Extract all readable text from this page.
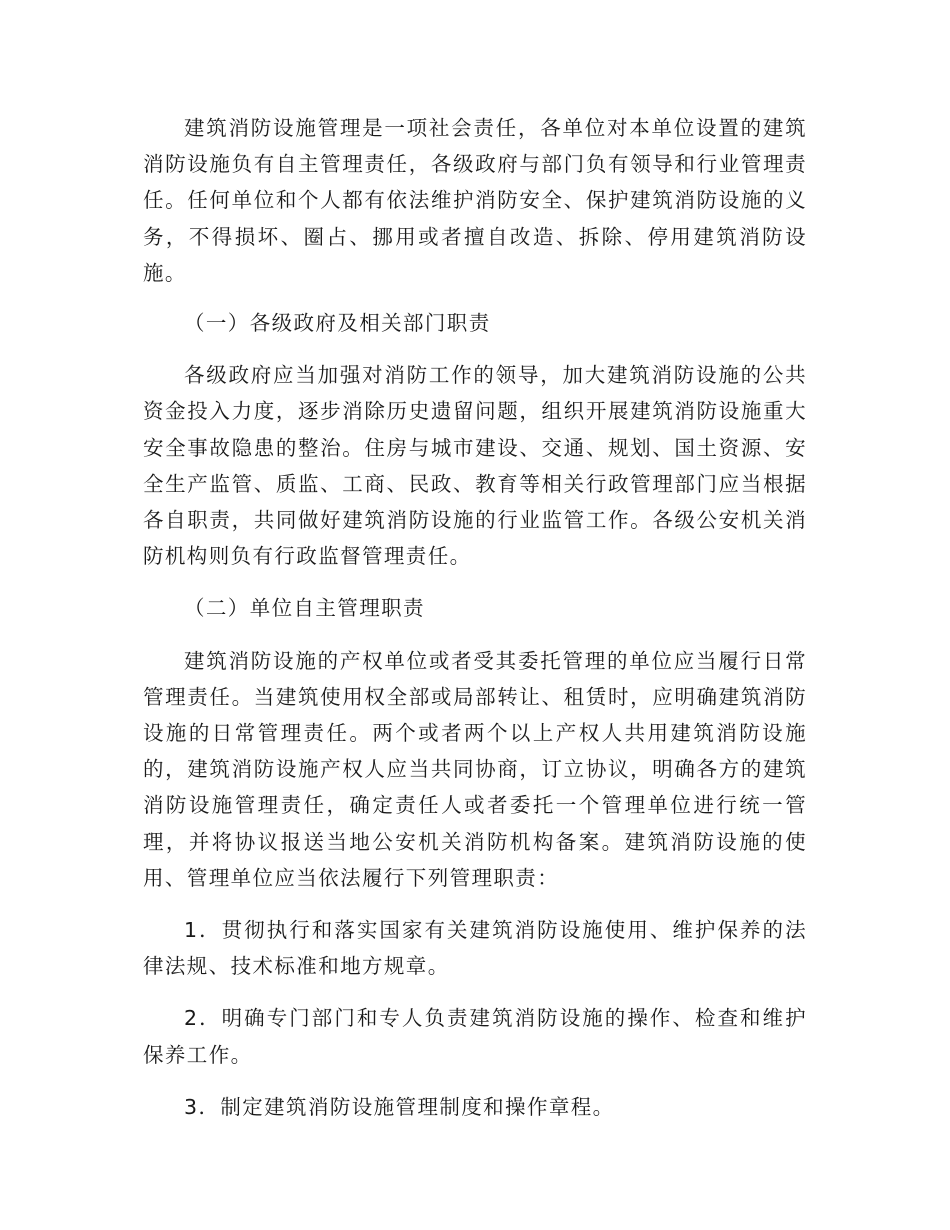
建筑消防设施管理是一项社会责任，各单位对本单位设置的建筑消防设施负有自主管理责任，各级政府与部门负有领导和行业管理责任。任何单位和个人都有依法维护消防安全、保护建筑消防设施的义务，不得损坏、圈占、挪用或者擅自改造、拆除、停用建筑消防设施。

（一）各级政府及相关部门职责

各级政府应当加强对消防工作的领导，加大建筑消防设施的公共资金投入力度，逐步消除历史遗留问题，组织开展建筑消防设施重大安全事故隐患的整治。住房与城市建设、交通、规划、国土资源、安全生产监管、质监、工商、民政、教育等相关行政管理部门应当根据各自职责，共同做好建筑消防设施的行业监管工作。各级公安机关消防机构则负有行政监督管理责任。

（二）单位自主管理职责

建筑消防设施的产权单位或者受其委托管理的单位应当履行日常管理责任。当建筑使用权全部或局部转让、租赁时，应明确建筑消防设施的日常管理责任。两个或者两个以上产权人共用建筑消防设施的，建筑消防设施产权人应当共同协商，订立协议，明确各方的建筑消防设施管理责任，确定责任人或者委托一个管理单位进行统一管理，并将协议报送当地公安机关消防机构备案。建筑消防设施的使用、管理单位应当依法履行下列管理职责：

1．贯彻执行和落实国家有关建筑消防设施使用、维护保养的法律法规、技术标准和地方规章。

2．明确专门部门和专人负责建筑消防设施的操作、检查和维护保养工作。

3．制定建筑消防设施管理制度和操作章程。
